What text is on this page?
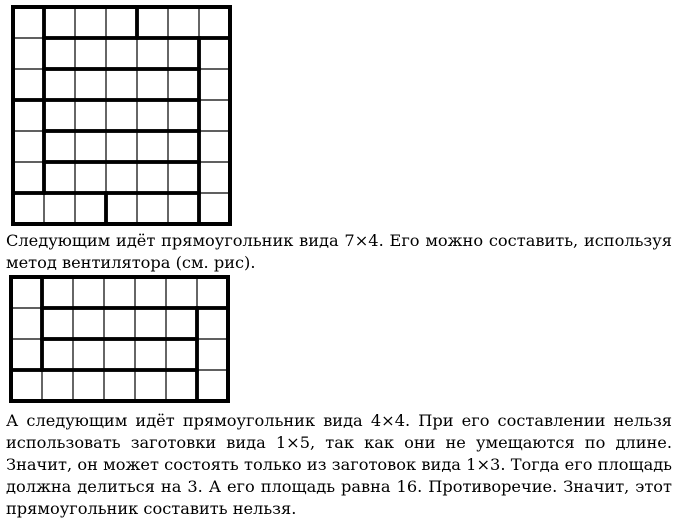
Следующим идёт прямоугольник вида 7×4. Его можно составить, используя метод вентилятора (см. рис).

А следующим идёт прямоугольник вида 4×4. При его составлении нельзя использовать заготовки вида 1×5, так как они не умещаются по длине. Значит, он может состоять только из заготовок вида 1×3. Тогда его площадь должна делиться на 3. А его площадь равна 16. Противоречие. Значит, этот прямоугольник составить нельзя.
